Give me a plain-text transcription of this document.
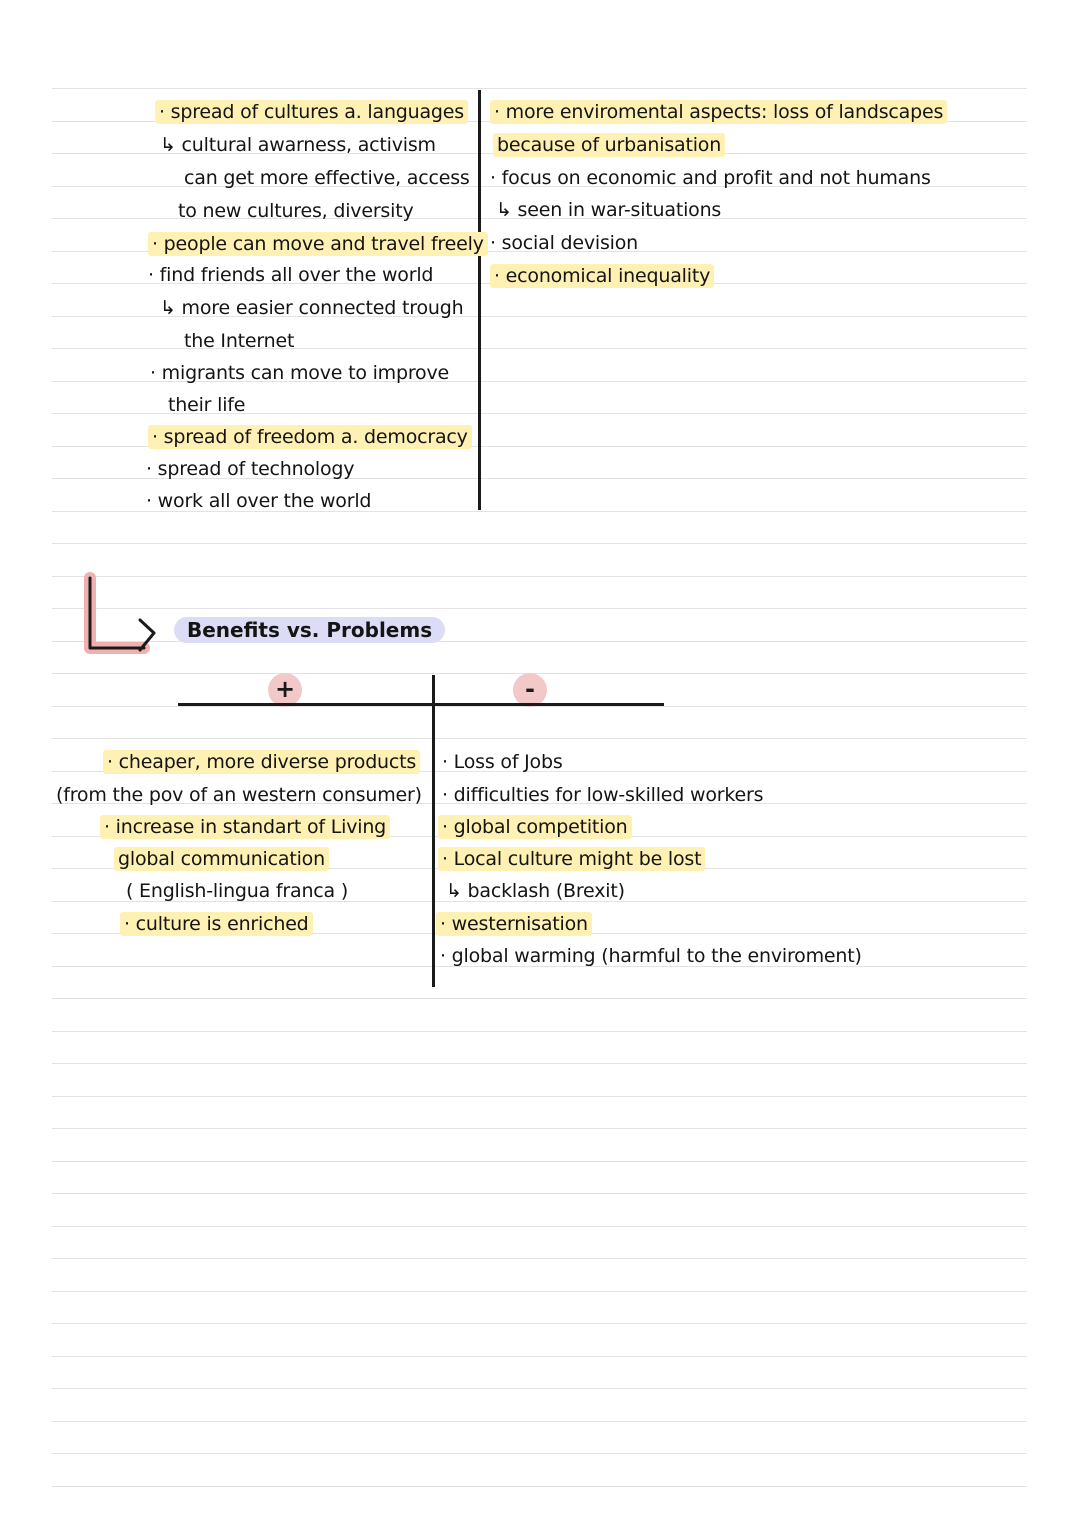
· spread of cultures a. languages
↳ cultural awarness, activism
can get more effective, access
to new cultures, diversity
· people can move and travel freely
· find friends all over the world
↳ more easier connected trough
the Internet
· migrants can move to improve
their life
· spread of freedom a. democracy
· spread of technology
· work all over the world
· more enviromental aspects: loss of landscapes
because of urbanisation
· focus on economic and profit and not humans
↳ seen in war-situations
· social devision
· economical inequality
Benefits vs. Problems
+	-
· cheaper, more diverse products
(from the pov of an western consumer)
· increase in standart of Living
global communication
( English-lingua franca )
· culture is enriched
· Loss of Jobs
· difficulties for low-skilled workers
· global competition
· Local culture might be lost
↳ backlash (Brexit)
· westernisation
· global warming (harmful to the enviroment)
